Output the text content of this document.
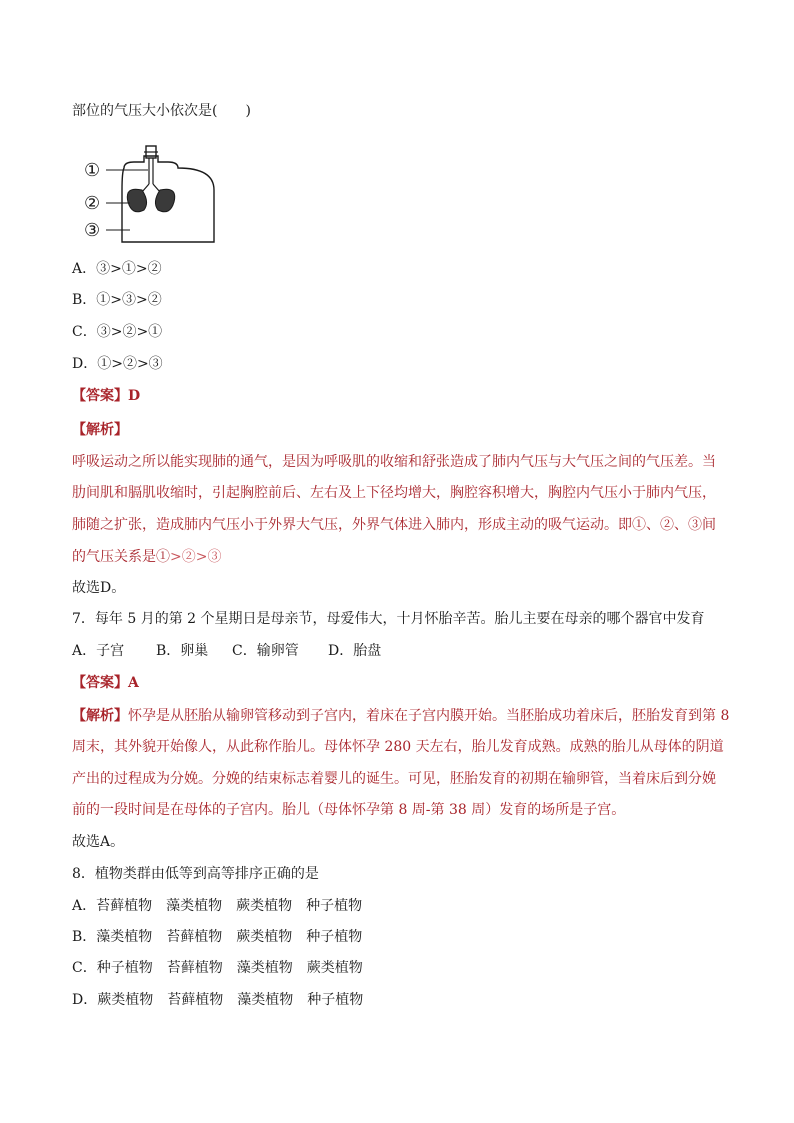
部位的气压大小依次是(　　)
①
②
③
A．③>①>②
B．①>③>②
C．③>②>①
D．①>②>③
【答案】D
【解析】
呼吸运动之所以能实现肺的通气，是因为呼吸肌的收缩和舒张造成了肺内气压与大气压之间的气压差。当
肋间肌和膈肌收缩时，引起胸腔前后、左右及上下径均增大，胸腔容积增大，胸腔内气压小于肺内气压，
肺随之扩张，造成肺内气压小于外界大气压，外界气体进入肺内，形成主动的吸气运动。即①、②、③间
的气压关系是①>②>③
故选D。
7．每年 5 月的第 2 个星期日是母亲节，母爱伟大，十月怀胎辛苦。胎儿主要在母亲的哪个器官中发育
A．子宫 B．卵巢 C．输卵管 D．胎盘
【答案】A
【解析】怀孕是从胚胎从输卵管移动到子宫内，着床在子宫内膜开始。当胚胎成功着床后，胚胎发育到第 8
周末，其外貌开始像人，从此称作胎儿。母体怀孕 280 天左右，胎儿发育成熟。成熟的胎儿从母体的阴道
产出的过程成为分娩。分娩的结束标志着婴儿的诞生。可见，胚胎发育的初期在输卵管，当着床后到分娩
前的一段时间是在母体的子宫内。胎儿（母体怀孕第 8 周-第 38 周）发育的场所是子宫。
故选A。
8．植物类群由低等到高等排序正确的是
A．苔藓植物　藻类植物　蕨类植物　种子植物
B．藻类植物　苔藓植物　蕨类植物　种子植物
C．种子植物　苔藓植物　藻类植物　蕨类植物
D．蕨类植物　苔藓植物　藻类植物　种子植物
